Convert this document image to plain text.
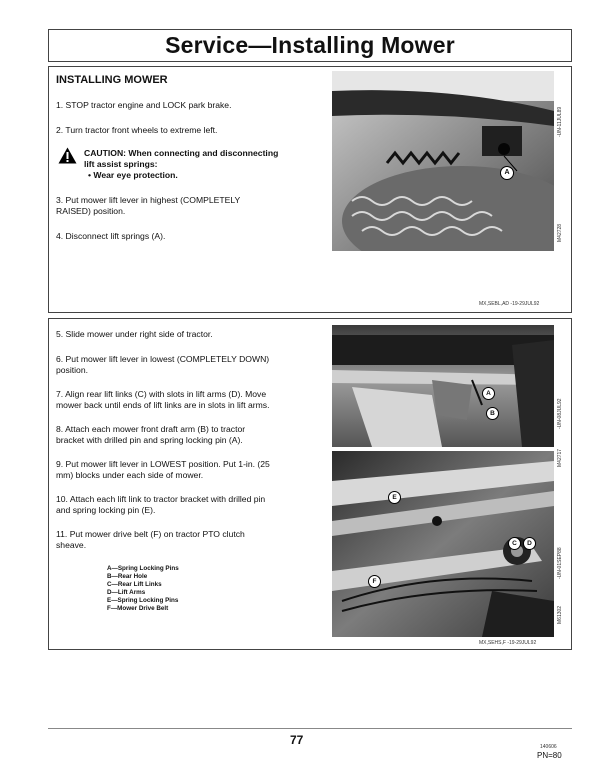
Service—Installing Mower
INSTALLING MOWER
1. STOP tractor engine and LOCK park brake.
2. Turn tractor front wheels to extreme left.
CAUTION: When connecting and disconnecting
lift assist springs:
• Wear eye protection.
3. Put mower lift lever in highest (COMPLETELY
RAISED) position.
4. Disconnect lift springs (A).
A
-UN-11JUL89
M42728
MX,SEBL,AD -19-29JUL92
5. Slide mower under right side of tractor.
6. Put mower lift lever in lowest (COMPLETELY DOWN)
position.
7. Align rear lift links (C) with slots in lift arms (D). Move
mower back until ends of lift links are in slots in lift arms.
8. Attach each mower front draft arm (B) to tractor
bracket with drilled pin and spring locking pin (A).
9. Put mower lift lever in LOWEST position. Put 1-in. (25
mm) blocks under each side of mower.
10. Attach each lift link to tractor bracket with drilled pin
and spring locking pin (E).
11. Put mower drive belt (F) on tractor PTO clutch
sheave.
A—Spring Locking Pins
B—Rear Hole
C—Rear Lift Links
D—Lift Arms
E—Spring Locking Pins
F—Mower Drive Belt
A
B	-UN-08JUL92
M42717
E
C	D
F
-UN-01SEP88
M61302
MX,SEHS,F -19-29JUL92
77	140606
PN=80
